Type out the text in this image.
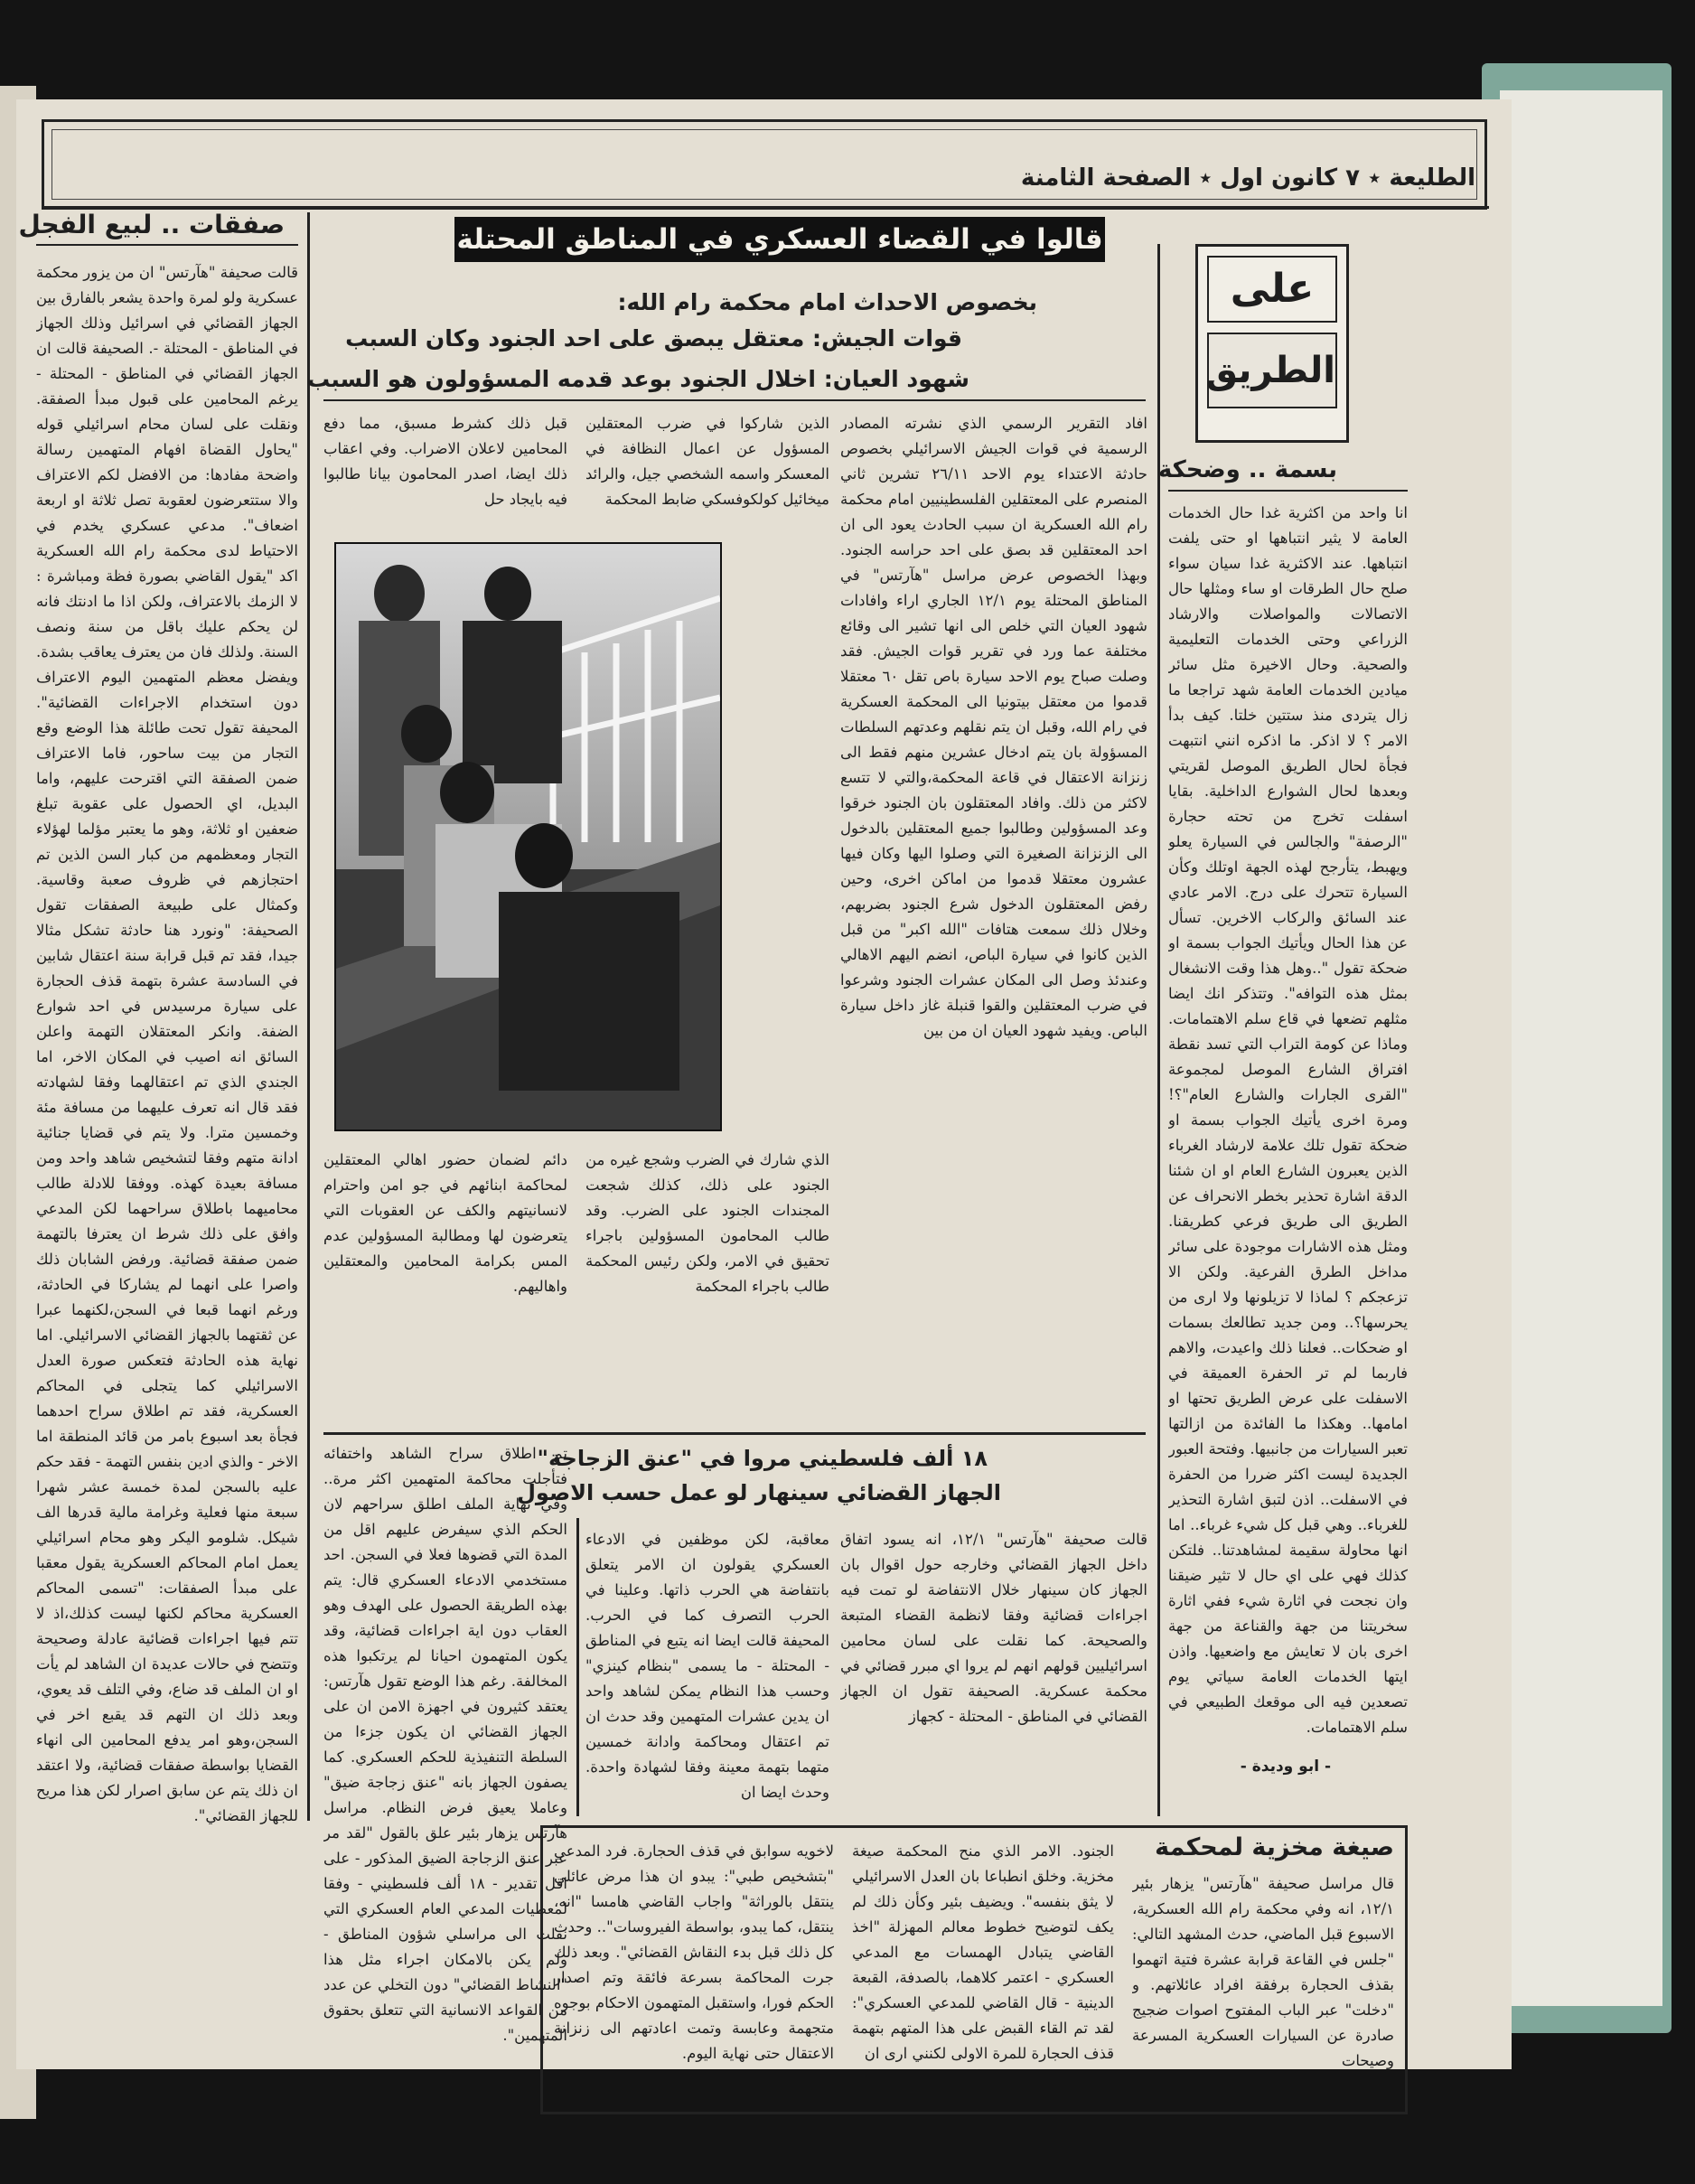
الطليعة ٭ ٧ كانون اول ٭ الصفحة الثامنة
صفقات .. لبيع الفجل
قالت صحيفة "هآرتس" ان من يزور محكمة عسكرية ولو لمرة واحدة يشعر بالفارق بين الجهاز القضائي في اسرائيل وذلك الجهاز في المناطق - المحتلة -. الصحيفة قالت ان الجهاز القضائي في المناطق - المحتلة - يرغم المحامين على قبول مبدأ الصفقة. ونقلت على لسان محام اسرائيلي قوله "يحاول القضاة افهام المتهمين رسالة واضحة مفادها: من الافضل لكم الاعتراف والا ستتعرضون لعقوبة تصل ثلاثة او اربعة اضعاف". مدعي عسكري يخدم في الاحتياط لدى محكمة رام الله العسكرية اكد "يقول القاضي بصورة فظة ومباشرة : لا الزمك بالاعتراف، ولكن اذا ما ادنتك فانه لن يحكم عليك باقل من سنة ونصف السنة. ولذلك فان من يعترف يعاقب بشدة. ويفضل معظم المتهمين اليوم الاعتراف دون استخدام الاجراءات القضائية". المحيفة تقول تحت طائلة هذا الوضع وقع التجار من بيت ساحور، فاما الاعتراف ضمن الصفقة التي اقترحت عليهم، واما البديل، اي الحصول على عقوبة تبلغ ضعفين او ثلاثة، وهو ما يعتبر مؤلما لهؤلاء التجار ومعظمهم من كبار السن الذين تم احتجازهم في ظروف صعبة وقاسية. وكمثال على طبيعة الصفقات تقول الصحيفة: "ونورد هنا حادثة تشكل مثالا جيدا، فقد تم قبل قرابة سنة اعتقال شابين في السادسة عشرة بتهمة قذف الحجارة على سيارة مرسيدس في احد شوارع الضفة. وانكر المعتقلان التهمة واعلن السائق انه اصيب في المكان الاخر، اما الجندي الذي تم اعتقالهما وفقا لشهادته فقد قال انه تعرف عليهما من مسافة مئة وخمسين مترا. ولا يتم في قضايا جنائية ادانة متهم وفقا لتشخيص شاهد واحد ومن مسافة بعيدة كهذه. ووفقا للادلة طالب محاميهما باطلاق سراحهما لكن المدعي وافق على ذلك شرط ان يعترفا بالتهمة ضمن صفقة قضائية. ورفض الشابان ذلك واصرا على انهما لم يشاركا في الحادثة، ورغم انهما قبعا في السجن،لكنهما عبرا عن ثقتهما بالجهاز القضائي الاسرائيلي. اما نهاية هذه الحادثة فتعكس صورة العدل الاسرائيلي كما يتجلى في المحاكم العسكرية، فقد تم اطلاق سراح احدهما فجأة بعد اسبوع بامر من قائد المنطقة اما الاخر - والذي ادين بنفس التهمة - فقد حكم عليه بالسجن لمدة خمسة عشر شهرا سبعة منها فعلية وغرامة مالية قدرها الف شيكل. شلومو اليكر وهو محام اسرائيلي يعمل امام المحاكم العسكرية يقول معقبا على مبدأ الصفقات: "تسمى المحاكم العسكرية محاكم لكنها ليست كذلك،اذ لا تتم فيها اجراءات قضائية عادلة وصحيحة وتتضح في حالات عديدة ان الشاهد لم يأت او ان الملف قد ضاع، وفي التلف قد يعوي، وبعد ذلك ان التهم قد يقبع اخر في السجن،وهو امر يدفع المحامين الى انهاء القضايا بواسطة صفقات قضائية، ولا اعتقد ان ذلك يتم عن سابق اصرار لكن هذا مريح للجهاز القضائي".
قالوا في القضاء العسكري في المناطق المحتلة
بخصوص الاحداث امام محكمة رام الله:
قوات الجيش: معتقل يبصق على احد الجنود وكان السبب
شهود العيان: اخلال الجنود بوعد قدمه المسؤولون هو السبب
على
الطريق
بسمة .. وضحكة
انا واحد من اكثرية غدا حال الخدمات العامة لا يثير انتباهها او حتى يلفت انتباهها. عند الاكثرية غدا سيان سواء صلح حال الطرقات او ساء ومثلها حال الاتصالات والمواصلات والارشاد الزراعي وحتى الخدمات التعليمية والصحية. وحال الاخيرة مثل سائر ميادين الخدمات العامة شهد تراجعا ما زال يتردى منذ ستتين خلتا. كيف بدأ الامر ؟ لا اذكر. ما اذكره انني انتبهت فجأة لحال الطريق الموصل لقريتي وبعدها لحال الشوارع الداخلية. بقايا اسفلت تخرج من تحته حجارة "الرصفة" والجالس في السيارة يعلو ويهبط، يتأرجح لهذه الجهة اوتلك وكأن السيارة تتحرك على درج. الامر عادي عند السائق والركاب الاخرين. تسأل عن هذا الحال ويأتيك الجواب بسمة او ضحكة تقول "..وهل هذا وقت الانشغال بمثل هذه التوافه". وتتذكر انك ايضا مثلهم تضعها في قاع سلم الاهتمامات. وماذا عن كومة التراب التي تسد نقطة افتراق الشارع الموصل لمجموعة "القرى الجارات والشارع العام"؟! ومرة اخرى يأتيك الجواب بسمة او ضحكة تقول تلك علامة لارشاد الغرباء الذين يعبرون الشارع العام او ان شئنا الدقة اشارة تحذير بخطر الانحراف عن الطريق الى طريق فرعي كطريقنا. ومثل هذه الاشارات موجودة على سائر مداخل الطرق الفرعية. ولكن الا تزعجكم ؟ لماذا لا تزيلونها ولا ارى من يحرسها؟.. ومن جديد تطالعك بسمات او ضحكات.. فعلنا ذلك واعيدت، والاهم فاربما لم تر الحفرة العميقة في الاسفلت على عرض الطريق تحتها او امامها.. وهكذا ما الفائدة من ازالتها تعبر السيارات من جانبيها. وفتحة العبور الجديدة ليست اكثر ضررا من الحفرة في الاسفلت.. اذن لتبق اشارة التحذير للغرباء.. وهي قبل كل شيء غرباء.. اما انها محاولة سقيمة لمشاهدتنا.. فلتكن كذلك فهي على اي حال لا تثير ضيقنا وان نجحت في اثارة شيء ففي اثارة سخريتنا من جهة والقناعة من جهة اخرى بان لا تعايش مع واضعيها. واذن ايتها الخدمات العامة سياتي يوم تصعدين فيه الى موقعك الطبيعي في سلم الاهتمامات.
- ابو وديدة -
افاد التقرير الرسمي الذي نشرته المصادر الرسمية في قوات الجيش الاسرائيلي بخصوص حادثة الاعتداء يوم الاحد ٢٦/١١ تشرين ثاني المنصرم على المعتقلين الفلسطينيين امام محكمة رام الله العسكرية ان سبب الحادث يعود الى ان احد المعتقلين قد بصق على احد حراسه الجنود. وبهذا الخصوص عرض مراسل "هآرتس" في المناطق المحتلة يوم ١٢/١ الجاري اراء وافادات شهود العيان التي خلص الى انها تشير الى وقائع مختلفة عما ورد في تقرير قوات الجيش. فقد وصلت صباح يوم الاحد سيارة باص تقل ٦٠ معتقلا قدموا من معتقل بيتونيا الى المحكمة العسكرية في رام الله، وقبل ان يتم نقلهم وعدتهم السلطات المسؤولة بان يتم ادخال عشرين منهم فقط الى زنزانة الاعتقال في قاعة المحكمة،والتي لا تتسع لاكثر من ذلك. وافاد المعتقلون بان الجنود خرقوا وعد المسؤولين وطالبوا جميع المعتقلين بالدخول الى الزنزانة الصغيرة التي وصلوا اليها وكان فيها عشرون معتقلا قدموا من اماكن اخرى، وحين رفض المعتقلون الدخول شرع الجنود بضربهم، وخلال ذلك سمعت هتافات "الله اكبر" من قبل الذين كانوا في سيارة الباص، انضم اليهم الاهالي وعندئذ وصل الى المكان عشرات الجنود وشرعوا في ضرب المعتقلين والقوا قنبلة غاز داخل سيارة الباص. ويفيد شهود العيان ان من بين
الذين شاركوا في ضرب المعتقلين المسؤول عن اعمال النظافة في المعسكر واسمه الشخصي جيل، والرائد ميخائيل كولكوفسكي ضابط المحكمة
قبل ذلك كشرط مسبق، مما دفع المحامين لاعلان الاضراب. وفي اعقاب ذلك ايضا، اصدر المحامون بيانا طالبوا فيه بايجاد حل
الذي شارك في الضرب وشجع غيره من الجنود على ذلك، كذلك شجعت المجندات الجنود على الضرب. وقد طالب المحامون المسؤولين باجراء تحقيق في الامر، ولكن رئيس المحكمة طالب باجراء المحكمة
دائم لضمان حضور اهالي المعتقلين لمحاكمة ابنائهم في جو امن واحترام لانسانيتهم والكف عن العقوبات التي يتعرضون لها ومطالبة المسؤولين عدم المس بكرامة المحامين والمعتقلين واهاليهم.
١٨ ألف فلسطيني مروا في "عنق الزجاجة"
الجهاز القضائي سينهار لو عمل حسب الاصول
قالت صحيفة "هآرتس" ١٢/١، انه يسود اتفاق داخل الجهاز القضائي وخارجه حول اقوال بان الجهاز كان سينهار خلال الانتفاضة لو تمت فيه اجراءات قضائية وفقا لانظمة القضاء المتبعة والصحيحة. كما نقلت على لسان محامين اسرائيليين قولهم انهم لم يروا اي مبرر قضائي في محكمة عسكرية. الصحيفة تقول ان الجهاز القضائي في المناطق - المحتلة - كجهاز
معاقبة، لكن موظفين في الادعاء العسكري يقولون ان الامر يتعلق بانتفاضة هي الحرب ذاتها. وعلينا في الحرب التصرف كما في الحرب. المحيفة قالت ايضا انه يتبع في المناطق - المحتلة - ما يسمى "بنظام كينزي" وحسب هذا النظام يمكن لشاهد واحد ان يدين عشرات المتهمين وقد حدث ان تم اعتقال ومحاكمة وادانة خمسين متهما بتهمة معينة وفقا لشهادة واحدة. وحدث ايضا ان
تم اطلاق سراح الشاهد واختفائه فتأجلت محاكمة المتهمين اكثر مرة.. وفي نهاية الملف اطلق سراحهم لان الحكم الذي سيفرض عليهم اقل من المدة التي قضوها فعلا في السجن. احد مستخدمي الادعاء العسكري قال: يتم بهذه الطريقة الحصول على الهدف وهو العقاب دون اية اجراءات قضائية، وقد يكون المتهمون احيانا لم يرتكبوا هذه المخالفة. رغم هذا الوضع تقول هآرتس: يعتقد كثيرون في اجهزة الامن ان على الجهاز القضائي ان يكون جزءا من السلطة التنفيذية للحكم العسكري. كما يصفون الجهاز بانه "عنق زجاجة ضيق" وعاملا يعيق فرض النظام. مراسل هآرتس يزهار بئير علق بالقول "لقد مر عبر عنق الزجاجة الضيق المذكور - على اقل تقدير - ١٨ ألف فلسطيني - وفقا لمعطيات المدعي العام العسكري التي نقلت الى مراسلي شؤون المناطق - ولم يكن بالامكان اجراء مثل هذا "النشاط القضائي" دون التخلي عن عدد من القواعد الانسانية التي تتعلق بحقوق المتهمين".
صيغة مخزية لمحكمة
قال مراسل صحيفة "هآرتس" يزهار بئير ١٢/١، انه وفي محكمة رام الله العسكرية، الاسبوع قبل الماضي، حدث المشهد التالي: "جلس في القاعة قرابة عشرة فتية اتهموا بقذف الحجارة برفقة افراد عائلاتهم. و "دخلت" عبر الباب المفتوح اصوات ضجيج صادرة عن السيارات العسكرية المسرعة وصيحات
الجنود. الامر الذي منح المحكمة صيغة مخزية. وخلق انطباعا بان العدل الاسرائيلي لا يثق بنفسه". ويضيف بئير وكأن ذلك لم يكف لتوضيح خطوط معالم المهزلة "اخذ القاضي يتبادل الهمسات مع المدعي العسكري - اعتمر كلاهما، بالصدفة، القبعة الدينية - قال القاضي للمدعي العسكري": لقد تم القاء القبض على هذا المتهم بتهمة قذف الحجارة للمرة الاولى لكنني ارى ان
لاخويه سوابق في قذف الحجارة. فرد المدعي "بتشخيص طبي": يبدو ان هذا مرض عائلي ينتقل بالوراثة" واجاب القاضي هامسا "انه، ينتقل، كما يبدو، بواسطة الفيروسات".. وحدث كل ذلك قبل بدء النقاش القضائي". وبعد ذلك جرت المحاكمة بسرعة فائقة وتم اصدار الحكم فورا، واستقبل المتهمون الاحكام بوجوه متجهمة وعابسة وتمت اعادتهم الى زنزانة الاعتقال حتى نهاية اليوم.
